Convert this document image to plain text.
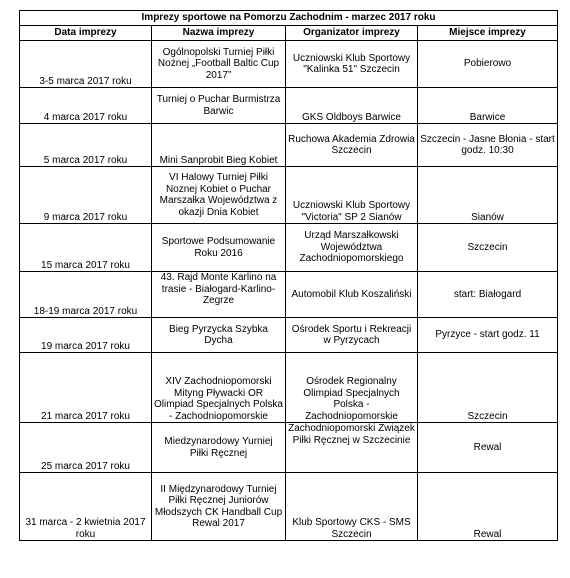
Imprezy sportowe na Pomorzu Zachodnim - marzec 2017 roku			
Data imprezy	Nazwa imprezy	Organizator imprezy	Miejsce imprezy
3-5 marca 2017 roku	Ogólnopolski Turniej Piłki Nożnej „Football Baltic Cup 2017”	Uczniowski Klub Sportowy "Kalinka 51" Szczecin	Pobierowo
4 marca 2017 roku	Turniej o Puchar Burmistrza Barwic	GKS Oldboys Barwice	Barwice
5 marca 2017 roku	Mini Sanprobit Bieg Kobiet	Ruchowa Akademia Zdrowia Szczecin	Szczecin - Jasne Błonia - start godz. 10:30
9 marca 2017 roku	VI Halowy Turniej Piłki Noznej Kobiet o Puchar Marszałka Województwa z okazji Dnia Kobiet	Uczniowski Klub Sportowy "Victoria" SP 2 Sianów	Sianów
15 marca 2017 roku	Sportowe Podsumowanie Roku 2016	Urząd Marszałkowski Województwa Zachodniopomorskiego	Szczecin
18-19 marca 2017 roku	43. Rajd Monte Karlino na trasie - Białogard-Karlino-Zegrze	Automobil Klub Koszaliński	start: Białogard
19 marca 2017 roku	Bieg Pyrzycka Szybka Dycha	Ośrodek Sportu i Rekreacji w Pyrzycach	Pyrzyce - start godz. 11
21 marca 2017 roku	XIV Zachodniopomorski Mityng Pływacki OR Olimpiad Specjalnych Polska - Zachodniopomorskie	Ośrodek Regionalny Olimpiad Specjalnych Polska - Zachodniopomorskie	Szczecin
25 marca 2017 roku	Miedzynarodowy Yurniej Piłki Ręcznej	Zachodniopomorski Związek Piłki Ręcznej w Szczecinie	Rewal
31 marca - 2 kwietnia 2017 roku	II Międzynarodowy Turniej Piłki Ręcznej Juniorów Młodszych CK Handball Cup Rewal 2017	Klub Sportowy CKS - SMS Szczecin	Rewal
